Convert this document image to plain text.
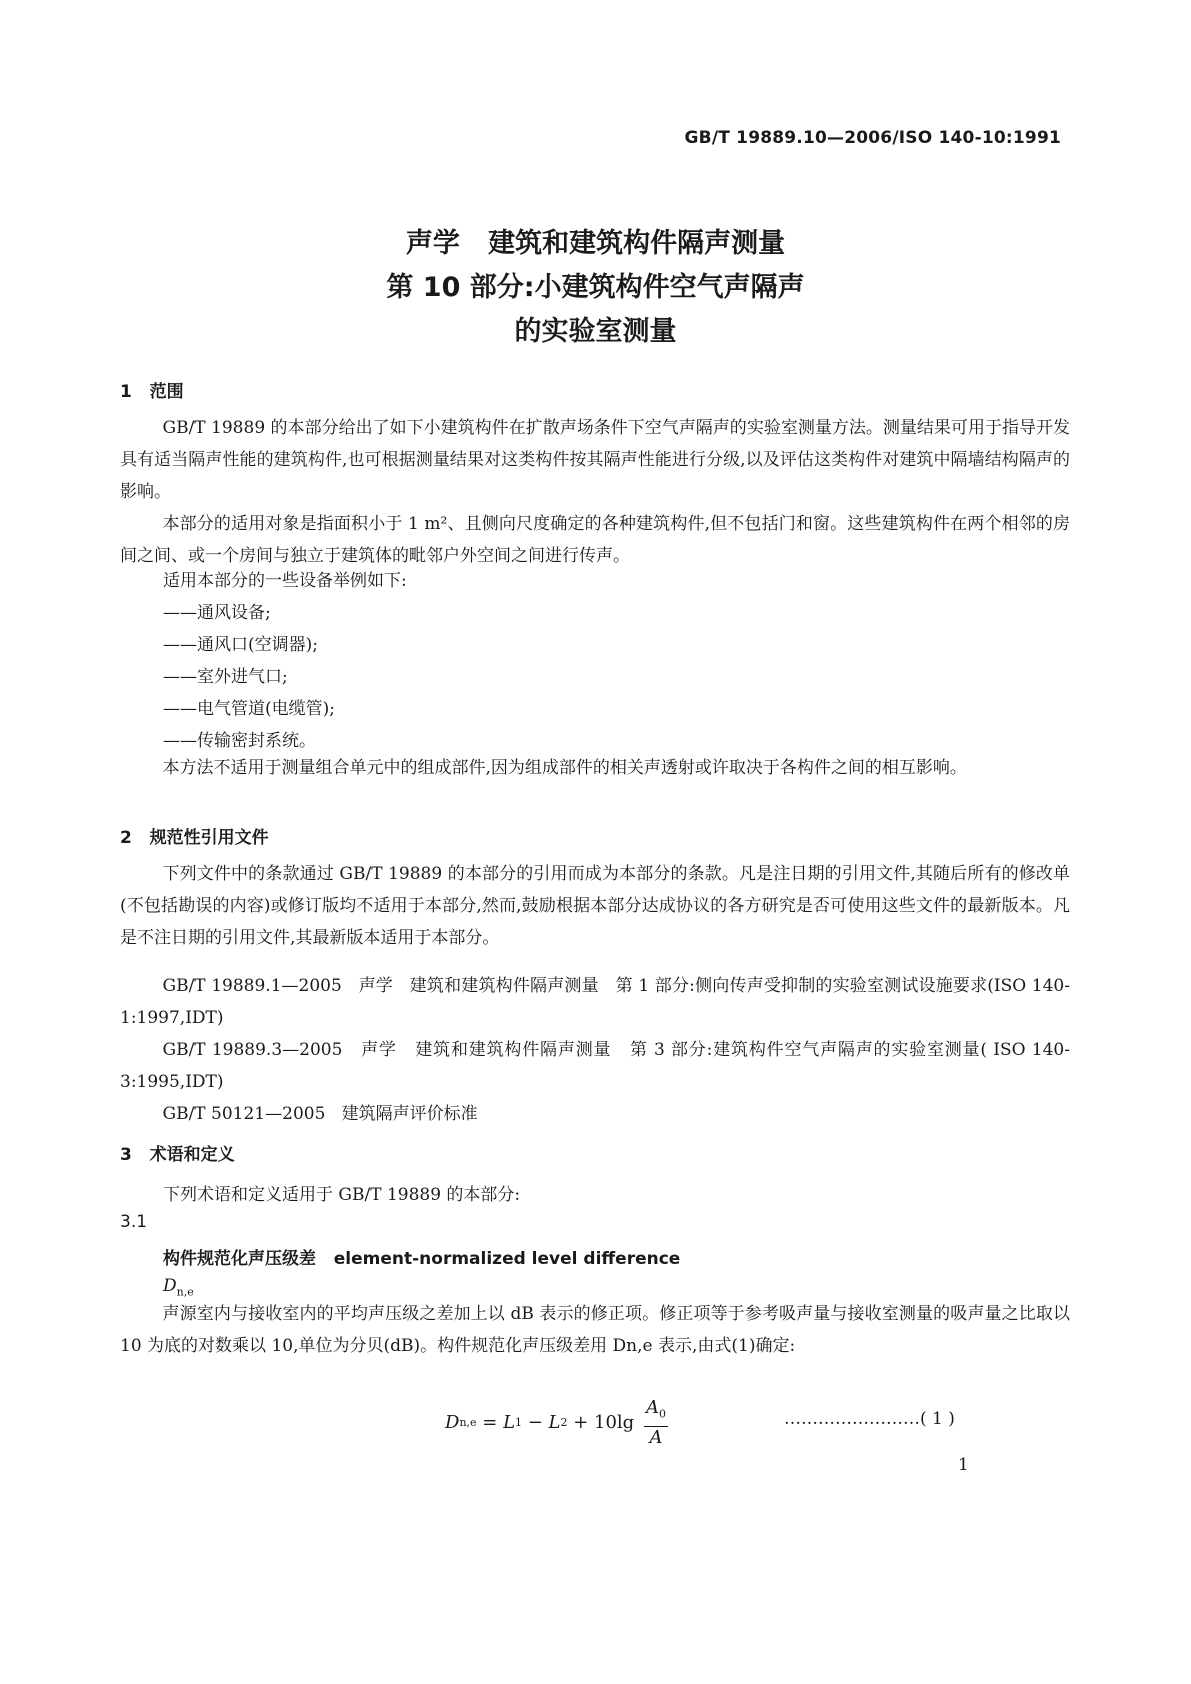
GB/T 19889.10—2006/ISO 140-10:1991
声学   建筑和建筑构件隔声测量
第 10 部分:小建筑构件空气声隔声
的实验室测量
1   范围
GB/T 19889 的本部分给出了如下小建筑构件在扩散声场条件下空气声隔声的实验室测量方法。测量结果可用于指导开发具有适当隔声性能的建筑构件,也可根据测量结果对这类构件按其隔声性能进行分级,以及评估这类构件对建筑中隔墙结构隔声的影响。
本部分的适用对象是指面积小于 1 m²、且侧向尺度确定的各种建筑构件,但不包括门和窗。这些建筑构件在两个相邻的房间之间、或一个房间与独立于建筑体的毗邻户外空间之间进行传声。
适用本部分的一些设备举例如下:
——通风设备;
——通风口(空调器);
——室外进气口;
——电气管道(电缆管);
——传输密封系统。
本方法不适用于测量组合单元中的组成部件,因为组成部件的相关声透射或许取决于各构件之间的相互影响。
2   规范性引用文件
下列文件中的条款通过 GB/T 19889 的本部分的引用而成为本部分的条款。凡是注日期的引用文件,其随后所有的修改单(不包括勘误的内容)或修订版均不适用于本部分,然而,鼓励根据本部分达成协议的各方研究是否可使用这些文件的最新版本。凡是不注日期的引用文件,其最新版本适用于本部分。
GB/T 19889.1—2005   声学   建筑和建筑构件隔声测量   第 1 部分:侧向传声受抑制的实验室测试设施要求(ISO 140-1:1997,IDT)
GB/T 19889.3—2005   声学   建筑和建筑构件隔声测量   第 3 部分:建筑构件空气声隔声的实验室测量( ISO 140-3:1995,IDT)
GB/T 50121—2005   建筑隔声评价标准
3   术语和定义
下列术语和定义适用于 GB/T 19889 的本部分:
3.1
构件规范化声压级差   element-normalized level difference
$D_{n,e}$
声源室内与接收室内的平均声压级之差加上以 dB 表示的修正项。修正项等于参考吸声量与接收室测量的吸声量之比取以 10 为底的对数乘以 10,单位为分贝(dB)。构件规范化声压级差用 Dn,e 表示,由式(1)确定:
D n,e = L 1 − L $2 + 10\lg \frac{A_0}{A}$	……………………( 1 )
1
